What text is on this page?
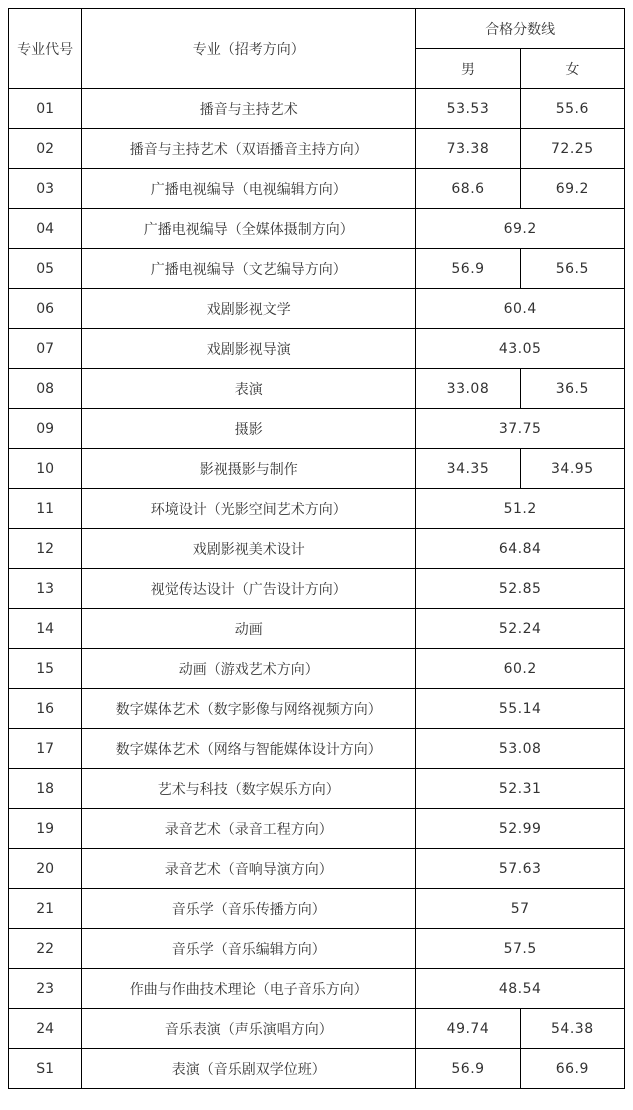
专业代号	专业（招考方向）	合格分数线	
		男	女
01	播音与主持艺术	53.53	55.6
02	播音与主持艺术（双语播音主持方向）	73.38	72.25
03	广播电视编导（电视编辑方向）	68.6	69.2
04	广播电视编导（全媒体摄制方向）	69.2	
05	广播电视编导（文艺编导方向）	56.9	56.5
06	戏剧影视文学	60.4	
07	戏剧影视导演	43.05	
08	表演	33.08	36.5
09	摄影	37.75	
10	影视摄影与制作	34.35	34.95
11	环境设计（光影空间艺术方向）	51.2	
12	戏剧影视美术设计	64.84	
13	视觉传达设计（广告设计方向）	52.85	
14	动画	52.24	
15	动画（游戏艺术方向）	60.2	
16	数字媒体艺术（数字影像与网络视频方向）	55.14	
17	数字媒体艺术（网络与智能媒体设计方向）	53.08	
18	艺术与科技（数字娱乐方向）	52.31	
19	录音艺术（录音工程方向）	52.99	
20	录音艺术（音响导演方向）	57.63	
21	音乐学（音乐传播方向）	57	
22	音乐学（音乐编辑方向）	57.5	
23	作曲与作曲技术理论（电子音乐方向）	48.54	
24	音乐表演（声乐演唱方向）	49.74	54.38
S1	表演（音乐剧双学位班）	56.9	66.9
